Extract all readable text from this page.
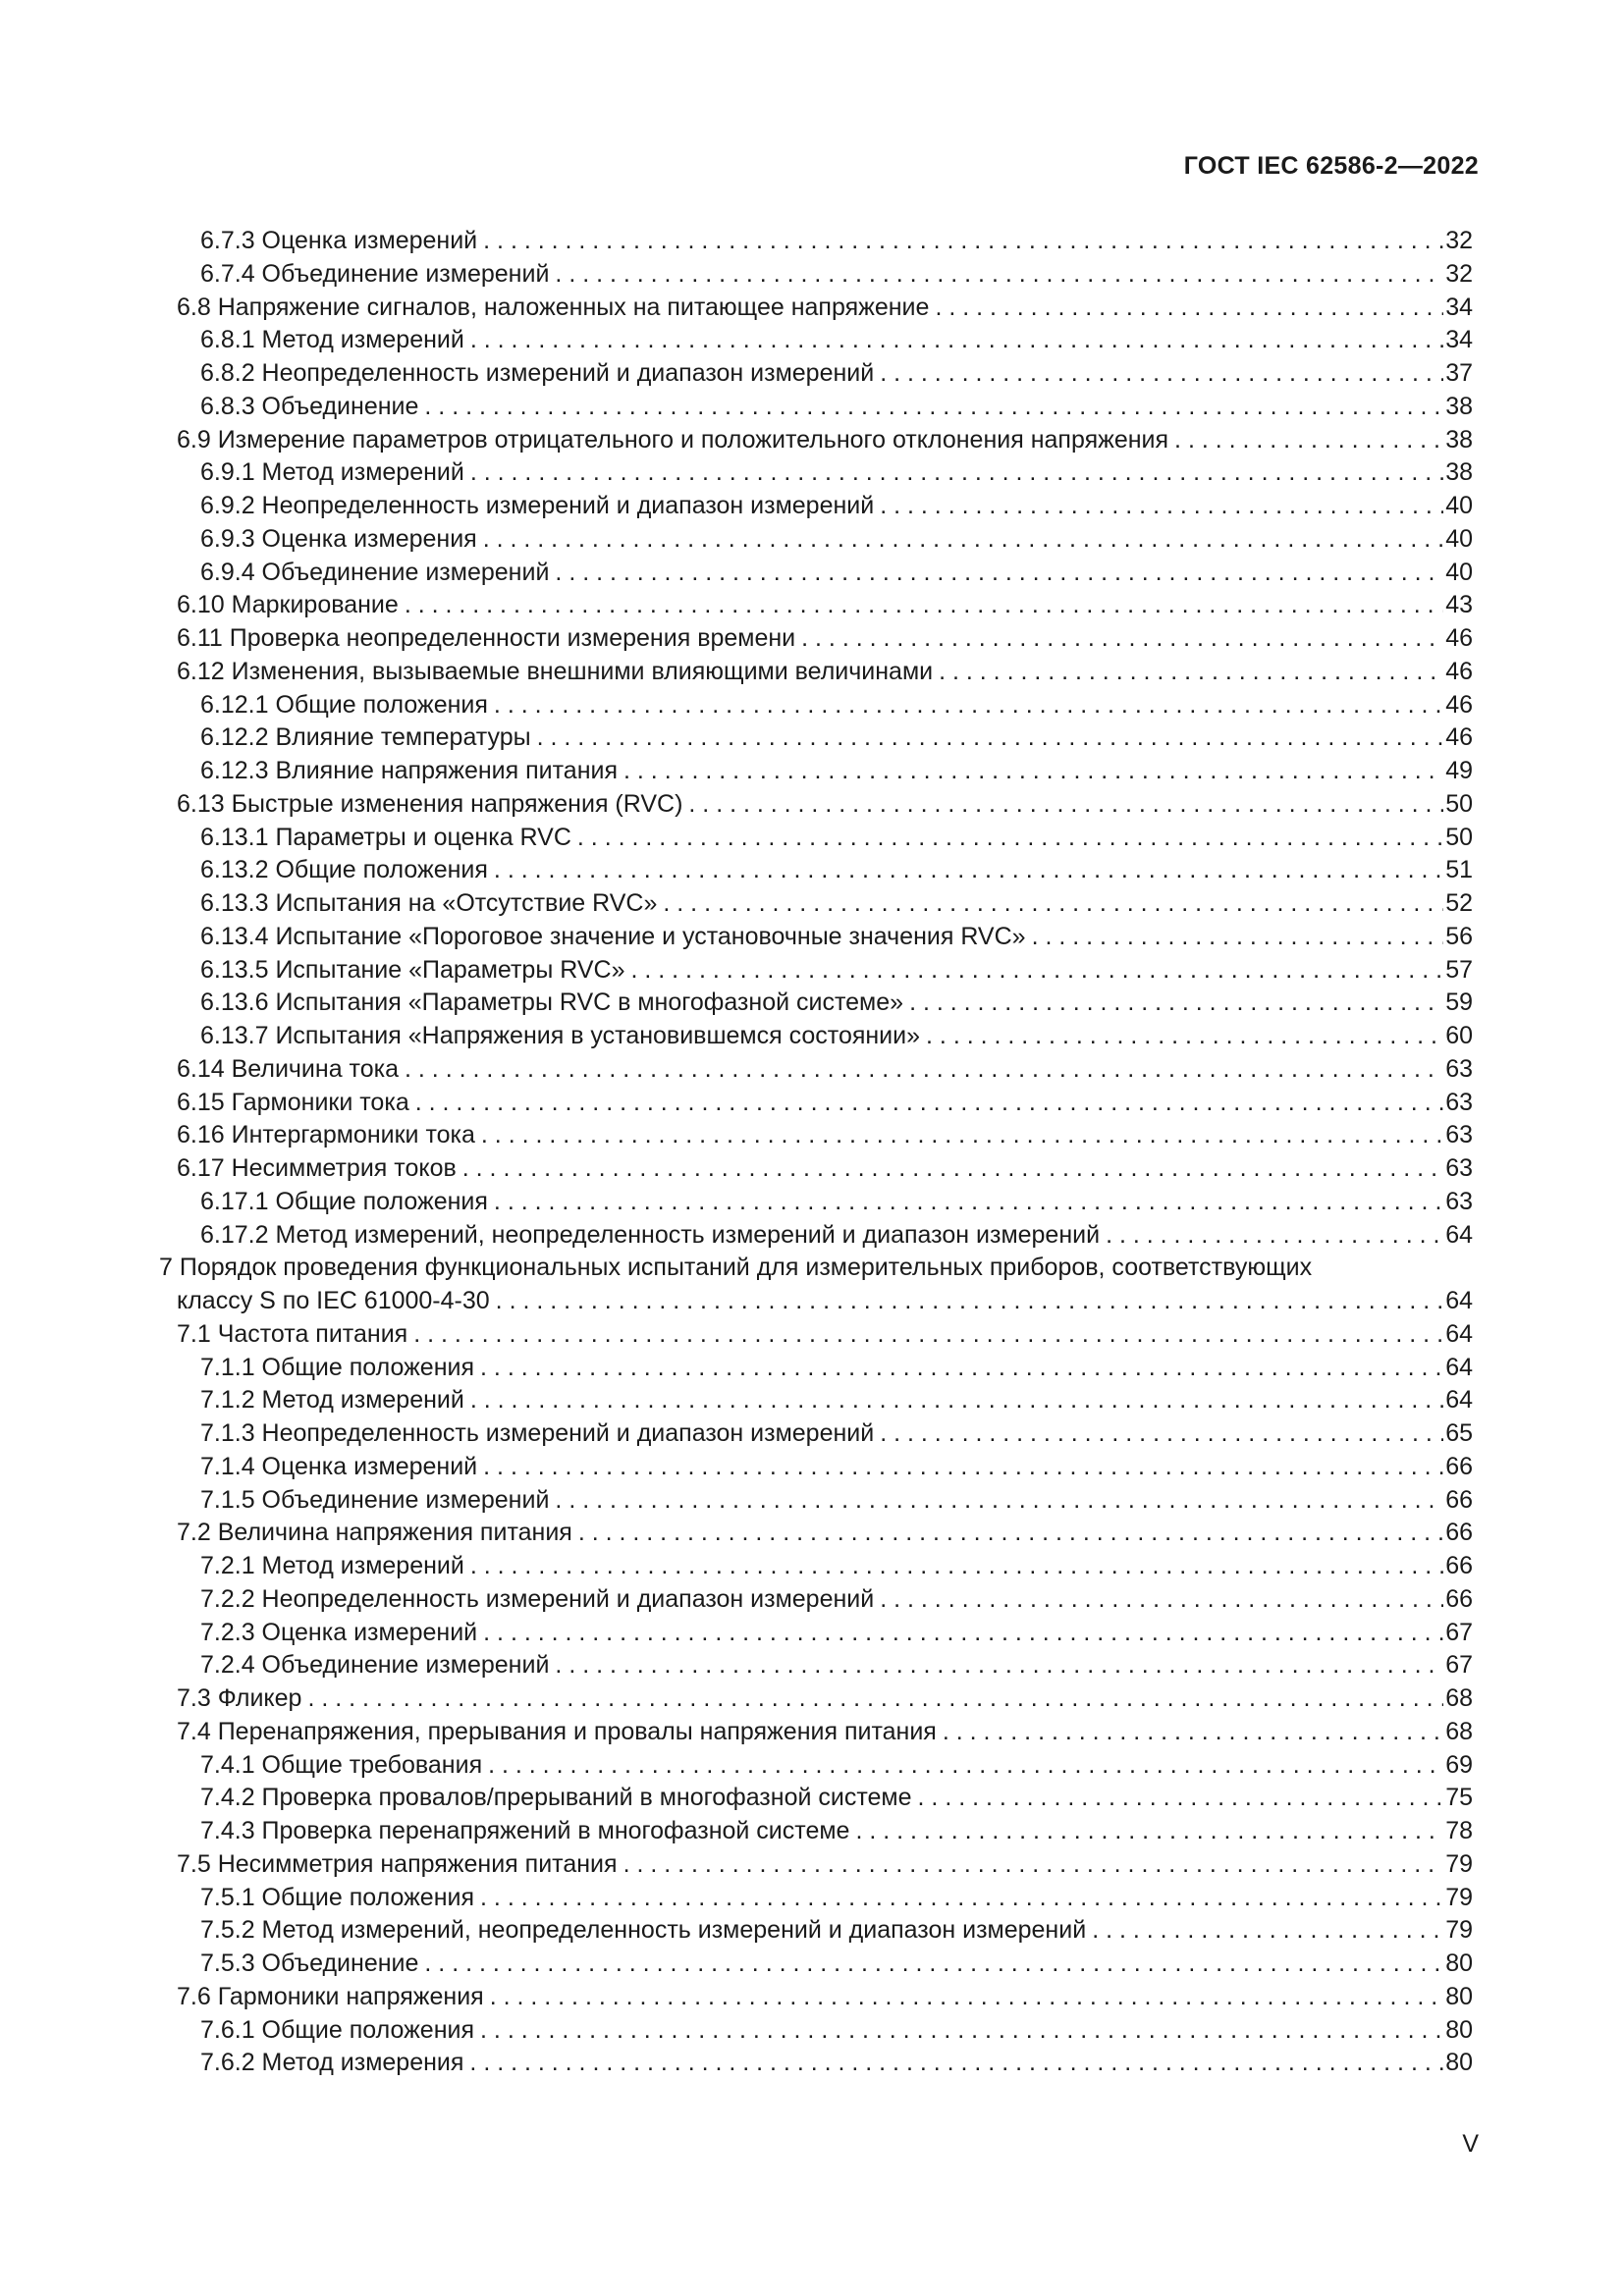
ГОСТ IEC 62586-2—2022
6.7.3 Оценка измерений . . .	32
6.7.4 Объединение измерений . . .	32
6.8 Напряжение сигналов, наложенных на питающее напряжение . . .	34
6.8.1 Метод измерений . . .	34
6.8.2 Неопределенность измерений и диапазон измерений . . .	37
6.8.3 Объединение . . .	38
6.9 Измерение параметров отрицательного и положительного отклонения напряжения . . .	38
6.9.1 Метод измерений . . .	38
6.9.2 Неопределенность измерений и диапазон измерений . . .	40
6.9.3 Оценка измерения . . .	40
6.9.4 Объединение измерений . . .	40
6.10 Маркирование . . .	43
6.11 Проверка неопределенности измерения времени . . .	46
6.12 Изменения, вызываемые внешними влияющими величинами . . .	46
6.12.1 Общие положения . . .	46
6.12.2 Влияние температуры . . .	46
6.12.3 Влияние напряжения питания . . .	49
6.13 Быстрые изменения напряжения (RVC) . . .	50
6.13.1 Параметры и оценка RVC . . .	50
6.13.2 Общие положения . . .	51
6.13.3 Испытания на «Отсутствие RVC» . . .	52
6.13.4 Испытание «Пороговое значение и установочные значения RVC» . . .	56
6.13.5 Испытание «Параметры RVC» . . .	57
6.13.6 Испытания «Параметры RVC в многофазной системе» . . .	59
6.13.7 Испытания «Напряжения в установившемся состоянии» . . .	60
6.14 Величина тока . . .	63
6.15 Гармоники тока . . .	63
6.16 Интергармоники тока . . .	63
6.17 Несимметрия токов . . .	63
6.17.1 Общие положения . . .	63
6.17.2 Метод измерений, неопределенность измерений и диапазон измерений . . .	64
7 Порядок проведения функциональных испытаний для измерительных приборов, соответствующих
классу S по IEC 61000-4-30 . . .	64
7.1 Частота питания . . .	64
7.1.1 Общие положения . . .	64
7.1.2 Метод измерений . . .	64
7.1.3 Неопределенность измерений и диапазон измерений . . .	65
7.1.4 Оценка измерений . . .	66
7.1.5 Объединение измерений . . .	66
7.2 Величина напряжения питания . . .	66
7.2.1 Метод измерений . . .	66
7.2.2 Неопределенность измерений и диапазон измерений . . .	66
7.2.3 Оценка измерений . . .	67
7.2.4 Объединение измерений . . .	67
7.3 Фликер . . .	68
7.4 Перенапряжения, прерывания и провалы напряжения питания . . .	68
7.4.1 Общие требования . . .	69
7.4.2 Проверка провалов/прерываний в многофазной системе . . .	75
7.4.3 Проверка перенапряжений в многофазной системе . . .	78
7.5 Несимметрия напряжения питания . . .	79
7.5.1 Общие положения . . .	79
7.5.2 Метод измерений, неопределенность измерений и диапазон измерений . . .	79
7.5.3 Объединение . . .	80
7.6 Гармоники напряжения . . .	80
7.6.1 Общие положения . . .	80
7.6.2 Метод измерения . . .	80
V
